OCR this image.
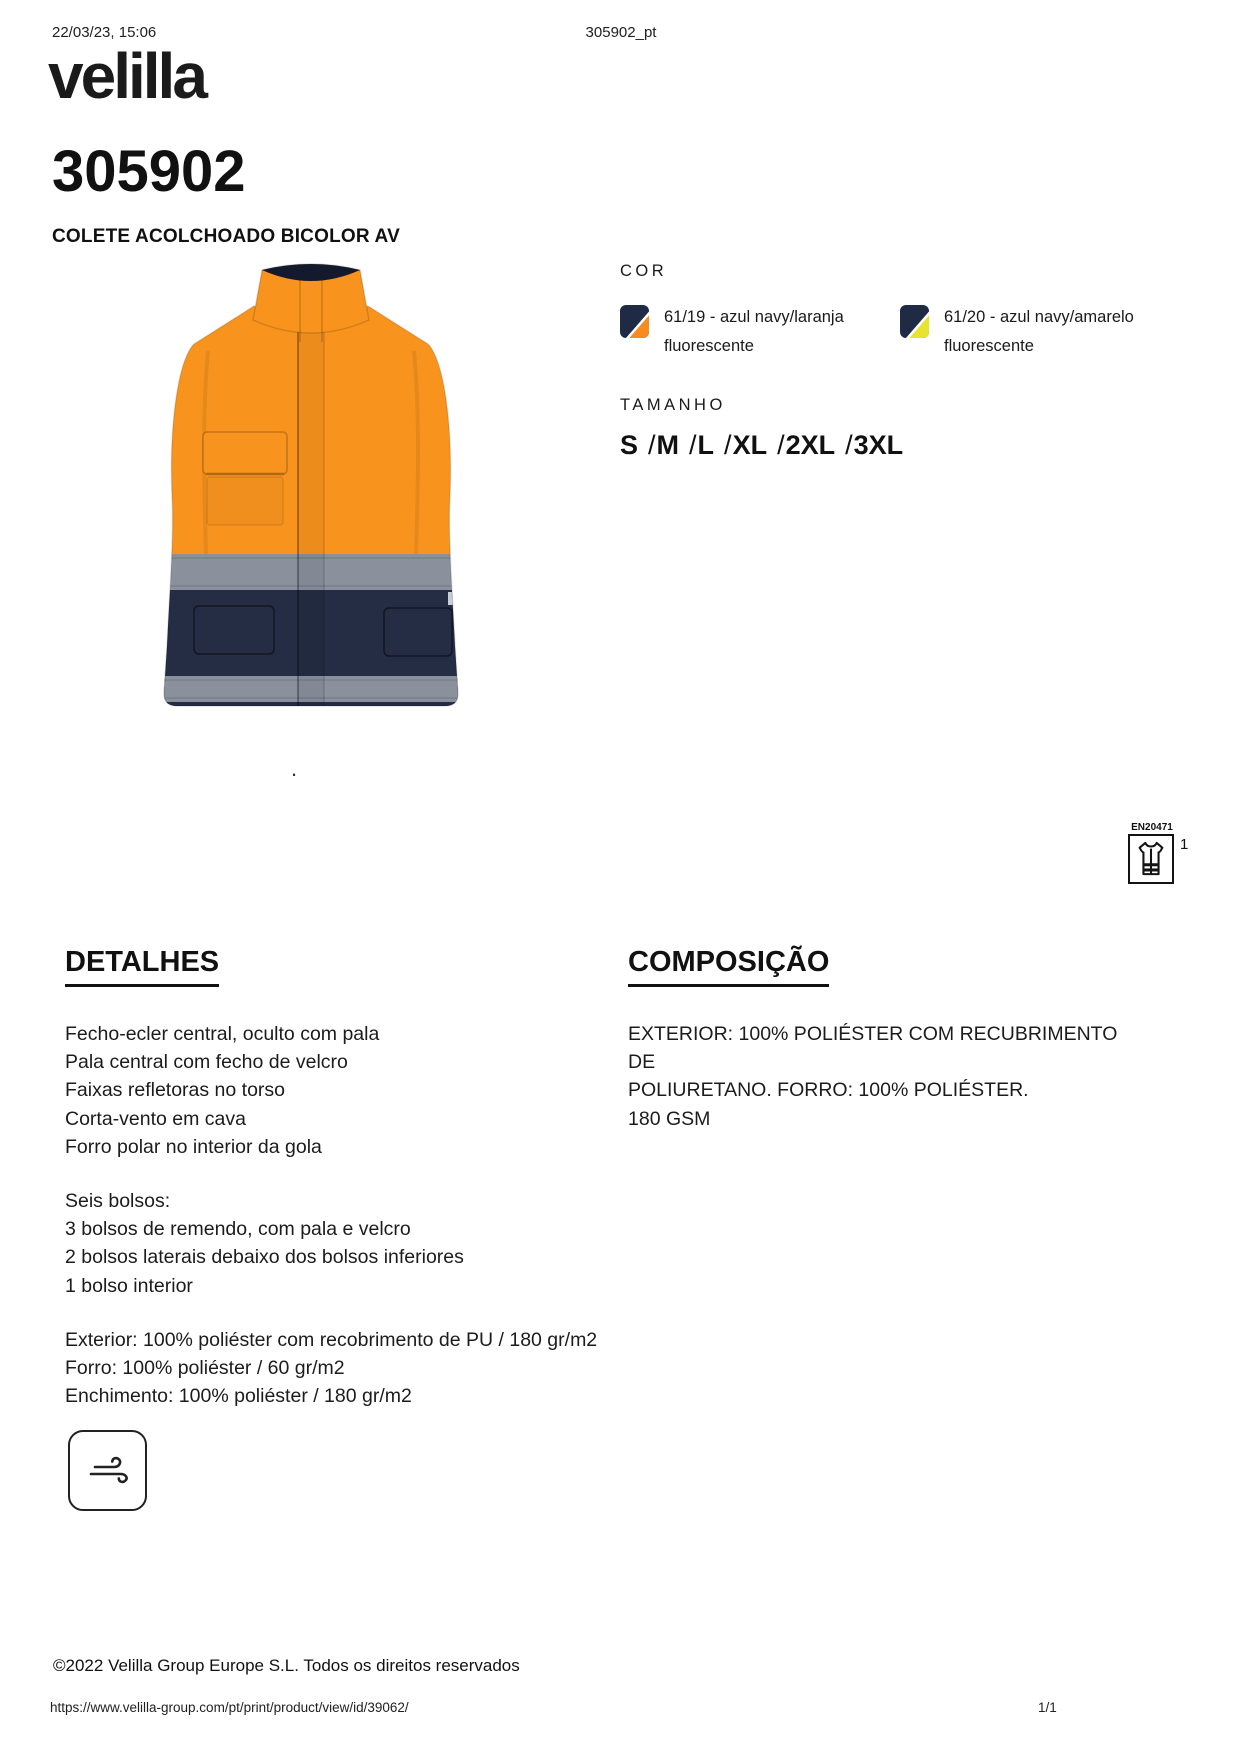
22/03/23, 15:06	305902_pt
velilla
305902
COLETE ACOLCHOADO BICOLOR AV
.
COR
61/19 - azul navy/laranja
fluorescente
61/20 - azul navy/amarelo
fluorescente
TAMANHO
S /M /L /XL /2XL /3XL
EN20471
1
DETALHES
Fecho-ecler central, oculto com pala
Pala central com fecho de velcro
Faixas refletoras no torso
Corta-vento em cava
Forro polar no interior da gola
Seis bolsos:
3 bolsos de remendo, com pala e velcro
2 bolsos laterais debaixo dos bolsos inferiores
1 bolso interior
Exterior: 100% poliéster com recobrimento de PU / 180 gr/m2
Forro: 100% poliéster / 60 gr/m2
Enchimento: 100% poliéster / 180 gr/m2
COMPOSIÇÃO
EXTERIOR: 100% POLIÉSTER COM RECUBRIMENTO DE
POLIURETANO. FORRO: 100% POLIÉSTER.
180 GSM
©2022 Velilla Group Europe S.L. Todos os direitos reservados
https://www.velilla-group.com/pt/print/product/view/id/39062/	1/1
